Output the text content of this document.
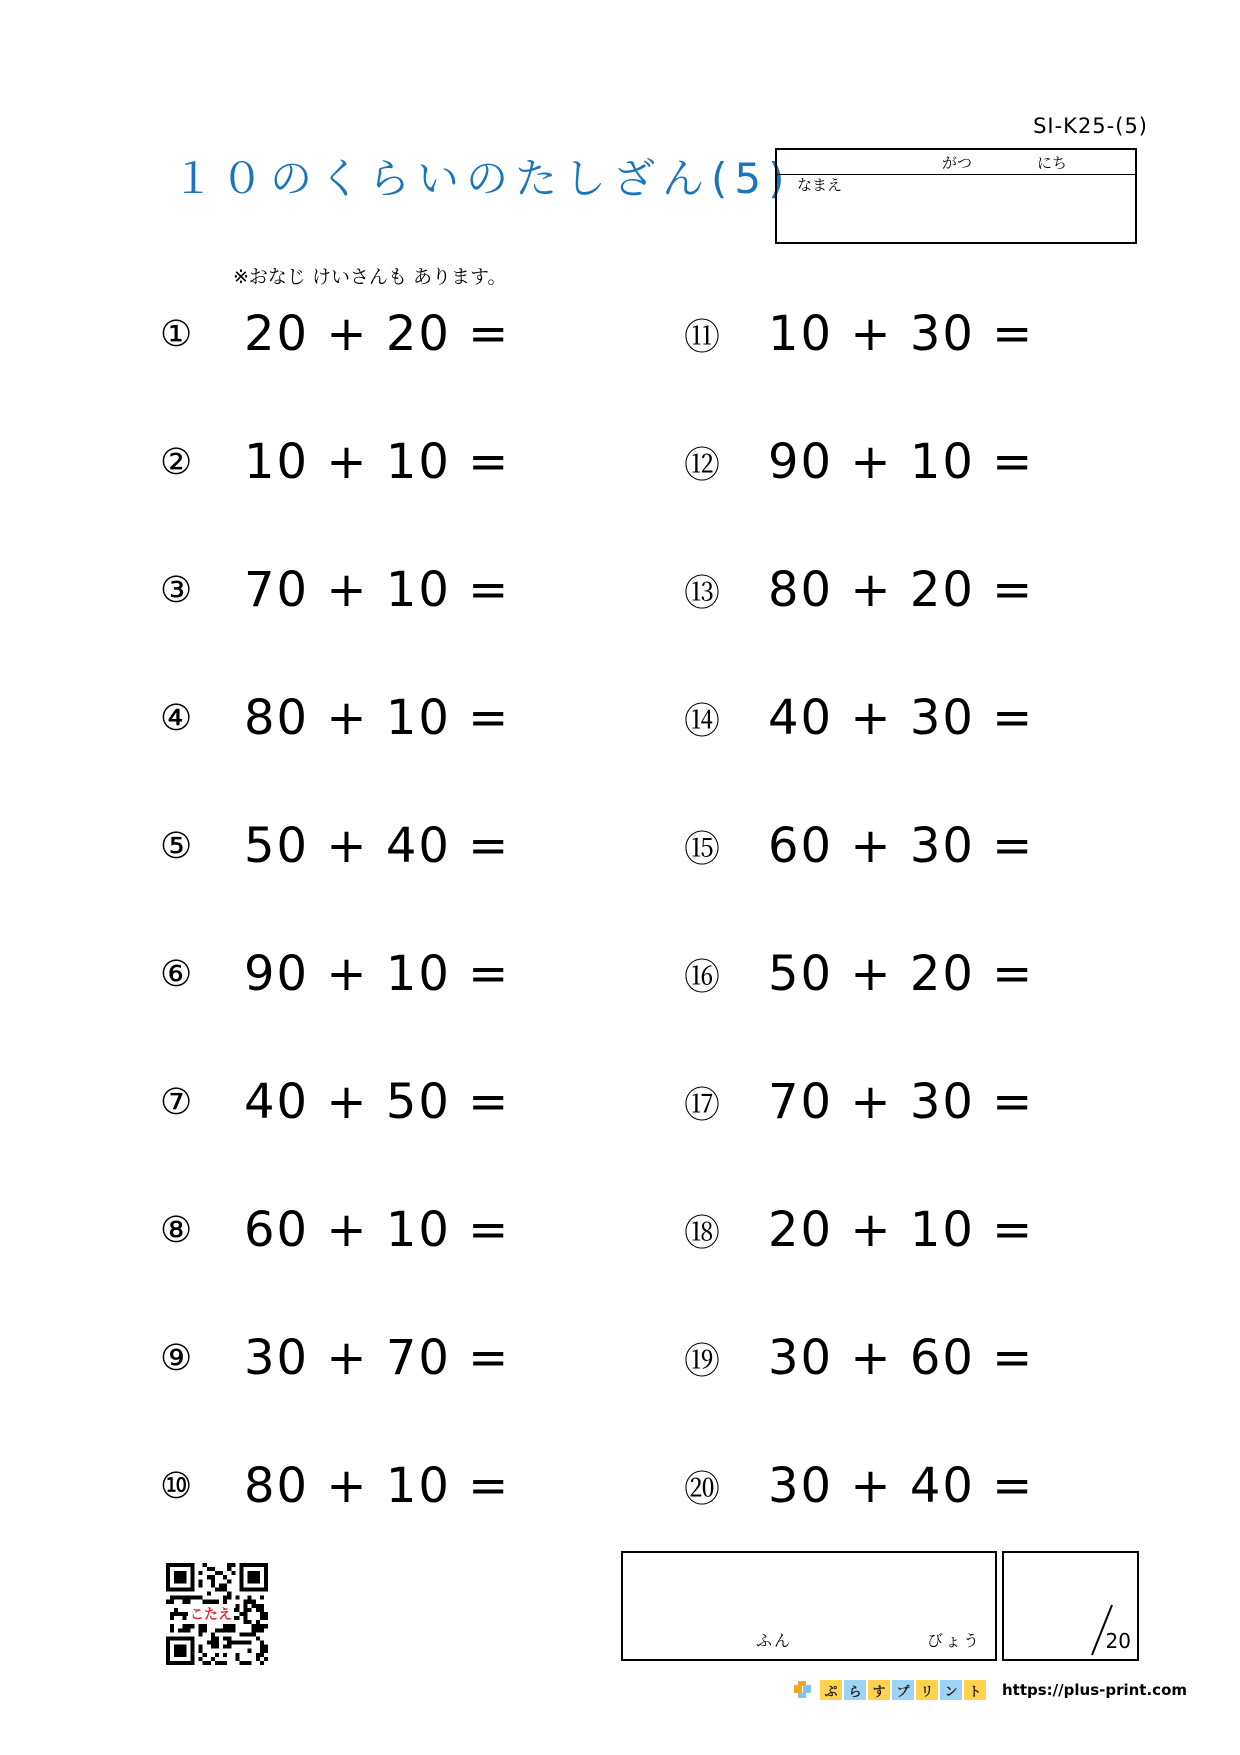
SI-K25-(5)
１０のくらいのたしざん(5)	がつ	にち
なまえ
※おなじ けいさんも あります。
①	20 + 20 =
②	10 + 10 =
③	70 + 10 =
④	80 + 10 =
⑤	50 + 40 =
⑥	90 + 10 =
⑦	40 + 50 =
⑧	60 + 10 =
⑨	30 + 70 =
⑩	80 + 10 =
⑪ 10 + 30 =
⑫ 90 + 10 =
⑬ 80 + 20 =
⑭ 40 + 30 =
⑮ 60 + 30 =
⑯ 50 + 20 =
⑰ 70 + 30 =
⑱ 20 + 10 =
⑲ 30 + 60 =
⑳ 30 + 40 =
こたえ
ふん	びょう	20
ぷ ら す プ リ ン ト	https://plus-print.com
